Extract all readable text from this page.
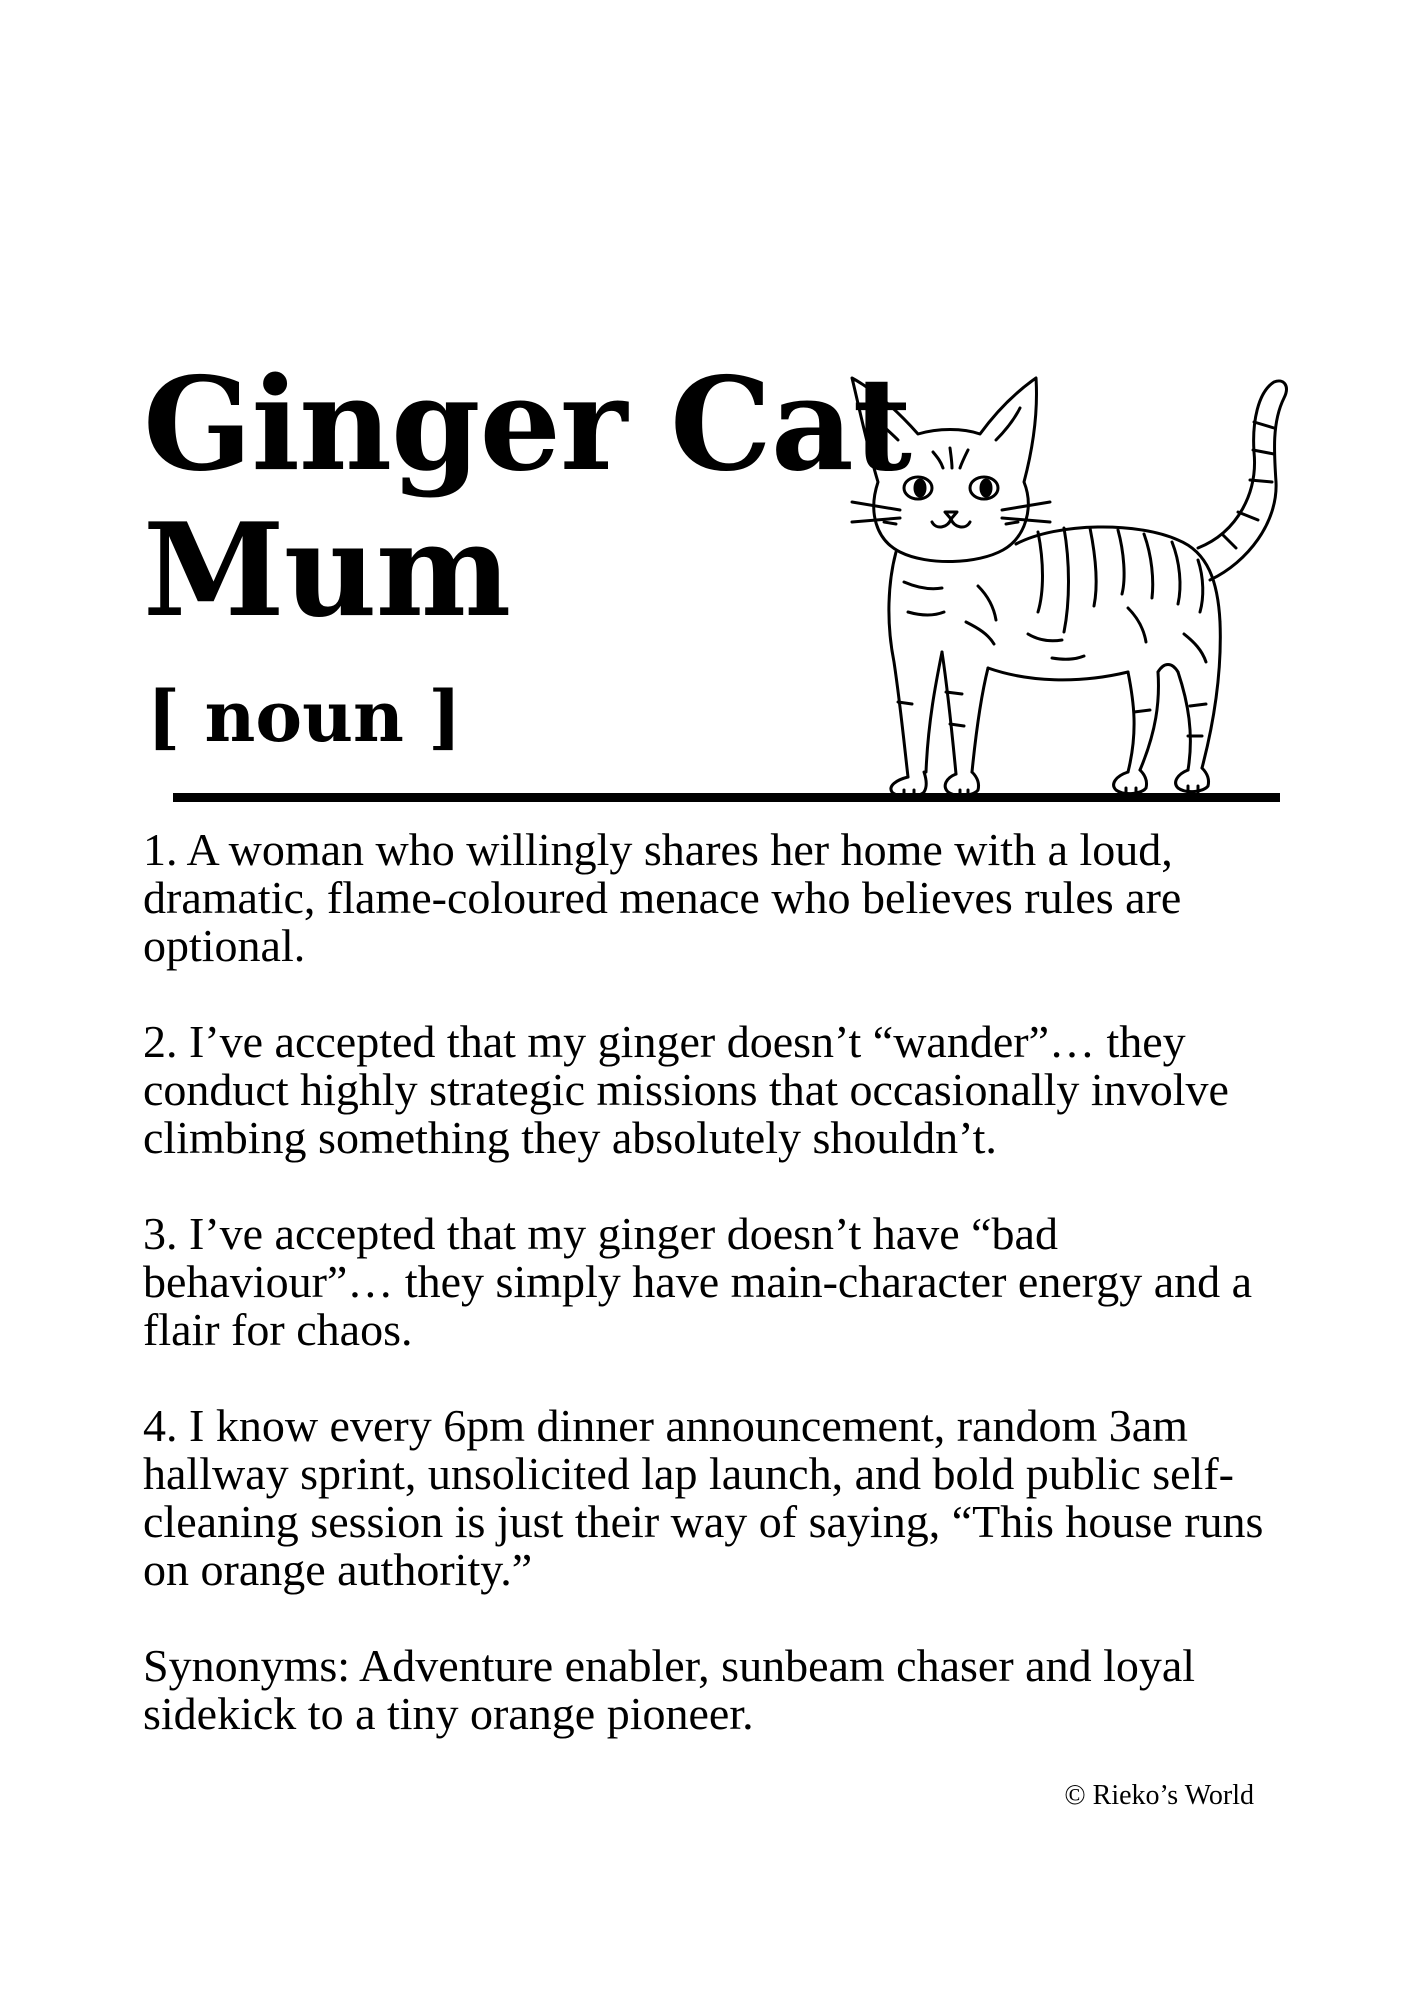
Ginger Cat
Mum
[ noun ]

1. A woman who willingly shares her home with a loud, dramatic, flame-coloured menace who believes rules are optional.

2. I’ve accepted that my ginger doesn’t “wander”… they conduct highly strategic missions that occasionally involve climbing something they absolutely shouldn’t.

3. I’ve accepted that my ginger doesn’t have “bad behaviour”… they simply have main-character energy and a flair for chaos.

4. I know every 6pm dinner announcement, random 3am hallway sprint, unsolicited lap launch, and bold public self-cleaning session is just their way of saying, “This house runs on orange authority.”

Synonyms: Adventure enabler, sunbeam chaser and loyal sidekick to a tiny orange pioneer.

© Rieko’s World
